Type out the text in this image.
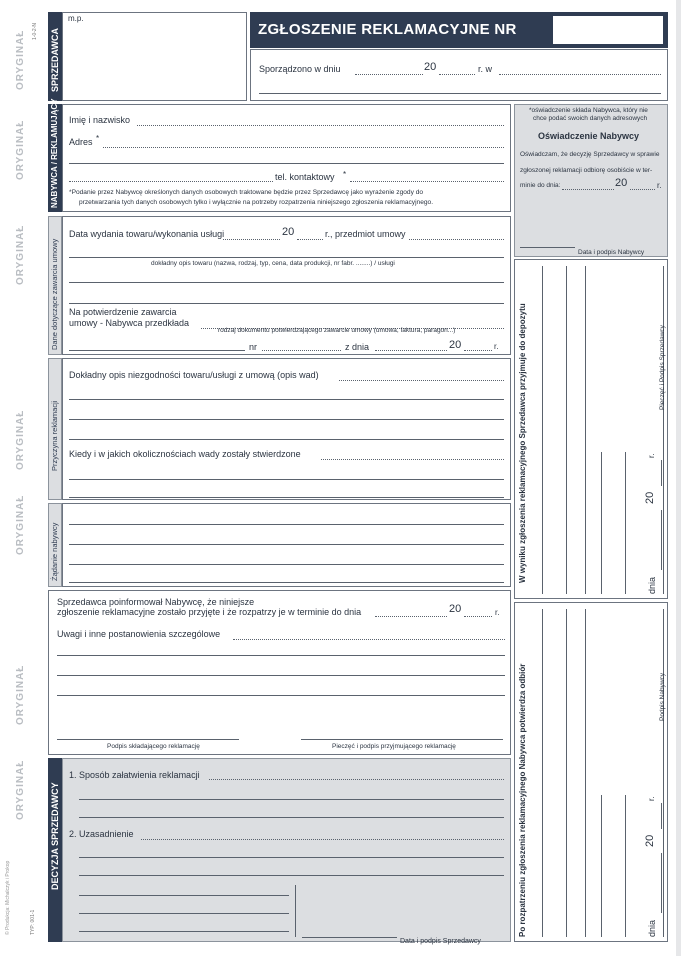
ORYGINAŁ
ORYGINAŁ
ORYGINAŁ
ORYGINAŁ
ORYGINAŁ
ORYGINAŁ
ORYGINAŁ
1-0-2-N
TYP: 001-1
© Produkcja: Michalczyk i Prokop
SPRZEDAWCA
m.p.
ZGŁOSZENIE REKLAMACYJNE NR
Sporządzono w dniu	20	r. w
NABYWCA / REKLAMUJĄCY Imię i nazwisko
Adres *
tel. kontaktowy *
*Podanie przez Nabywcę określonych danych osobowych traktowane będzie przez Sprzedawcę jako wyrażenie zgody do
przetwarzania tych danych osobowych tylko i wyłącznie na potrzeby rozpatrzenia niniejszego zgłoszenia reklamacyjnego.
*oświadczenie składa Nabywca, który nie
chce podać swoich danych adresowych
Oświadczenie Nabywcy
Oświadczam, że decyzję Sprzedawcy w sprawie
zgłoszonej reklamacji odbiorę osobiście w ter-
minie do dnia:	20	r.
Data i podpis Nabywcy
Dane dotyczące zawarcia umowy
Data wydania towaru/wykonania usługi	20	r., przedmiot umowy
dokładny opis towaru (nazwa, rodzaj, typ, cena, data produkcji, nr fabr. ........) / usługi
Na potwierdzenie zawarcia
umowy - Nabywca przedkłada
rodzaj dokumentu potwierdzającego zawarcie umowy (umowa, faktura, paragon...)
nr	z dnia	20	r.
Przyczyna reklamacji
Dokładny opis niezgodności towaru/usługi z umową (opis wad)
Kiedy i w jakich okolicznościach wady zostały stwierdzone
Żądanie nabywcy
Sprzedawca poinformował Nabywcę, że niniejsze
zgłoszenie reklamacyjne zostało przyjęte i że rozpatrzy je w terminie do dnia	20	r.
Uwagi i inne postanowienia szczególowe
Podpis składającego reklamację	Pieczęć i podpis przyjmującego reklamację
DECYZJA SPRZEDAWCY
1. Sposób załatwienia reklamacji
2. Uzasadnienie
Data i podpis Sprzedawcy
W wyniku zgłoszenia reklamacyjnego Sprzedawca przyjmuje do depozytu	Pieczęć i Podpis Sprzedawcy
dnia
20
r.
Po rozpatrzeniu zgłoszenia reklamacyjnego Nabywca potwierdza odbiór	Podpis Nabywcy
dnia
20
r.
